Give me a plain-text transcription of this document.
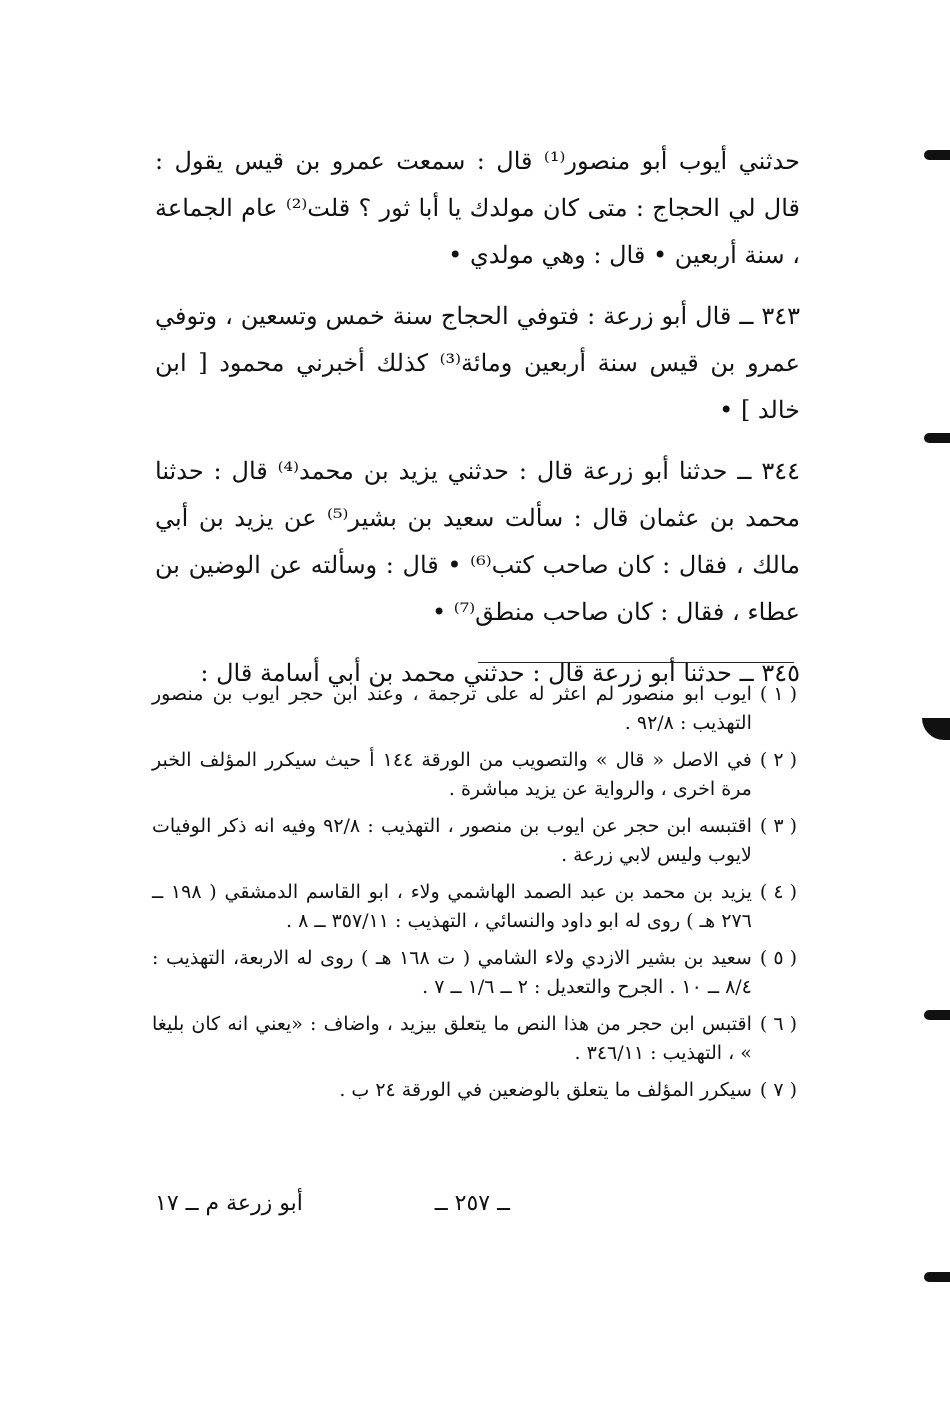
حدثني أيوب أبو منصور⁽¹⁾ قال : سمعت عمرو بن قيس يقول : قال لي الحجاج : متى كان مولدك يا أبا ثور ؟ قلت⁽²⁾ عام الجماعة ، سنة أربعين • قال : وهي مولدي •

٣٤٣ ــ قال أبو زرعة : فتوفي الحجاج سنة خمس وتسعين ، وتوفي عمرو بن قيس سنة أربعين ومائة⁽³⁾ كذلك أخبرني محمود [ ابن خالد ] •

٣٤٤ ــ حدثنا أبو زرعة قال : حدثني يزيد بن محمد⁽⁴⁾ قال : حدثنا محمد بن عثمان قال : سألت سعيد بن بشير⁽⁵⁾ عن يزيد بن أبي مالك ، فقال : كان صاحب كتب⁽⁶⁾ • قال : وسألته عن الوضين بن عطاء ، فقال : كان صاحب منطق⁽⁷⁾ •

٣٤٥ ــ حدثنا أبو زرعة قال : حدثني محمد بن أبي أسامة قال :

( ١ )
ايوب ابو منصور لم اعثر له على ترجمة ، وعند ابن حجر ايوب بن منصور التهذيب : ٩٢/٨ .
( ٢ )
في الاصل « قال » والتصويب من الورقة ١٤٤ أ حيث سيكرر المؤلف الخبر مرة اخرى ، والرواية عن يزيد مباشرة .
( ٣ )
اقتبسه ابن حجر عن ايوب بن منصور ، التهذيب : ٩٢/٨ وفيه انه ذكر الوفيات لايوب وليس لابي زرعة .
( ٤ )
يزيد بن محمد بن عبد الصمد الهاشمي ولاء ، ابو القاسم الدمشقي ( ١٩٨ ــ ٢٧٦ هـ ) روى له ابو داود والنسائي ، التهذيب : ٣٥٧/١١ ــ ٨ .
( ٥ )
سعيد بن بشير الازدي ولاء الشامي ( ت ١٦٨ هـ ) روى له الاربعة، التهذيب : ٨/٤ ــ ١٠ . الجرح والتعديل : ٢ ــ ١/٦ ــ ٧ .
( ٦ )
اقتبس ابن حجر من هذا النص ما يتعلق بيزيد ، واضاف : «يعني انه كان بليغا » ، التهذيب : ٣٤٦/١١ .
( ٧ )
سيكرر المؤلف ما يتعلق بالوضعين في الورقة ٢٤ ب .
ــ ٢٥٧ ــ
أبو زرعة م ــ ١٧
